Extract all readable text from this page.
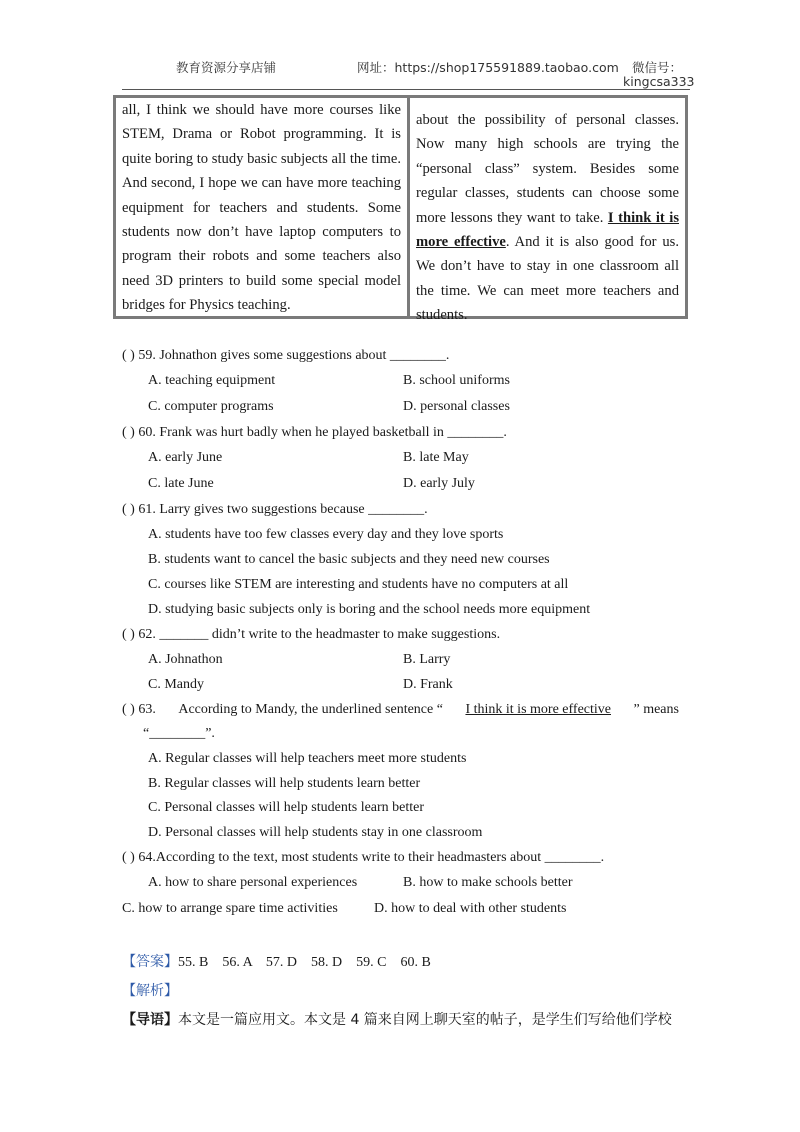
教育资源分享店铺	网址：https://shop175591889.taobao.com 微信号：
kingcsa333
all, I think we should have more courses like STEM, Drama or Robot programming. It is quite boring to study basic subjects all the time. And second, I hope we can have more teaching equipment for teachers and students. Some students now don’t have laptop computers to program their robots and some teachers also need 3D printers to build some special model bridges for Physics teaching.
about the possibility of personal classes. Now many high schools are trying the “personal class” system. Besides some regular classes, students can choose some more lessons they want to take. I think it is more effective. And it is also good for us. We don’t have to stay in one classroom all the time. We can meet more teachers and students.
( ) 59. Johnathon gives some suggestions about ________.
A. teaching equipment	B. school uniforms
C. computer programs	D. personal classes
( ) 60. Frank was hurt badly when he played basketball in ________.
A. early June	B. late May
C. late June	D. early July
( ) 61. Larry gives two suggestions because ________.
A. students have too few classes every day and they love sports
B. students want to cancel the basic subjects and they need new courses
C. courses like STEM are interesting and students have no computers at all
D. studying basic subjects only is boring and the school needs more equipment
( ) 62. _______ didn’t write to the headmaster to make suggestions.
A. Johnathon	B. Larry
C. Mandy	D. Frank
( ) 63. According to Mandy, the underlined sentence “ I think it is more effective ” means
“________”.
A. Regular classes will help teachers meet more students
B. Regular classes will help students learn better
C. Personal classes will help students learn better
D. Personal classes will help students stay in one classroom
( ) 64.According to the text, most students write to their headmasters about ________.
A. how to share personal experiences	B. how to make schools better
C. how to arrange spare time activities	D. how to deal with other students
【答案】55. B    56. A    57. D    58. D    59. C    60. B
【解析】
【导语】本文是一篇应用文。本文是 4 篇来自网上聊天室的帖子，是学生们写给他们学校
